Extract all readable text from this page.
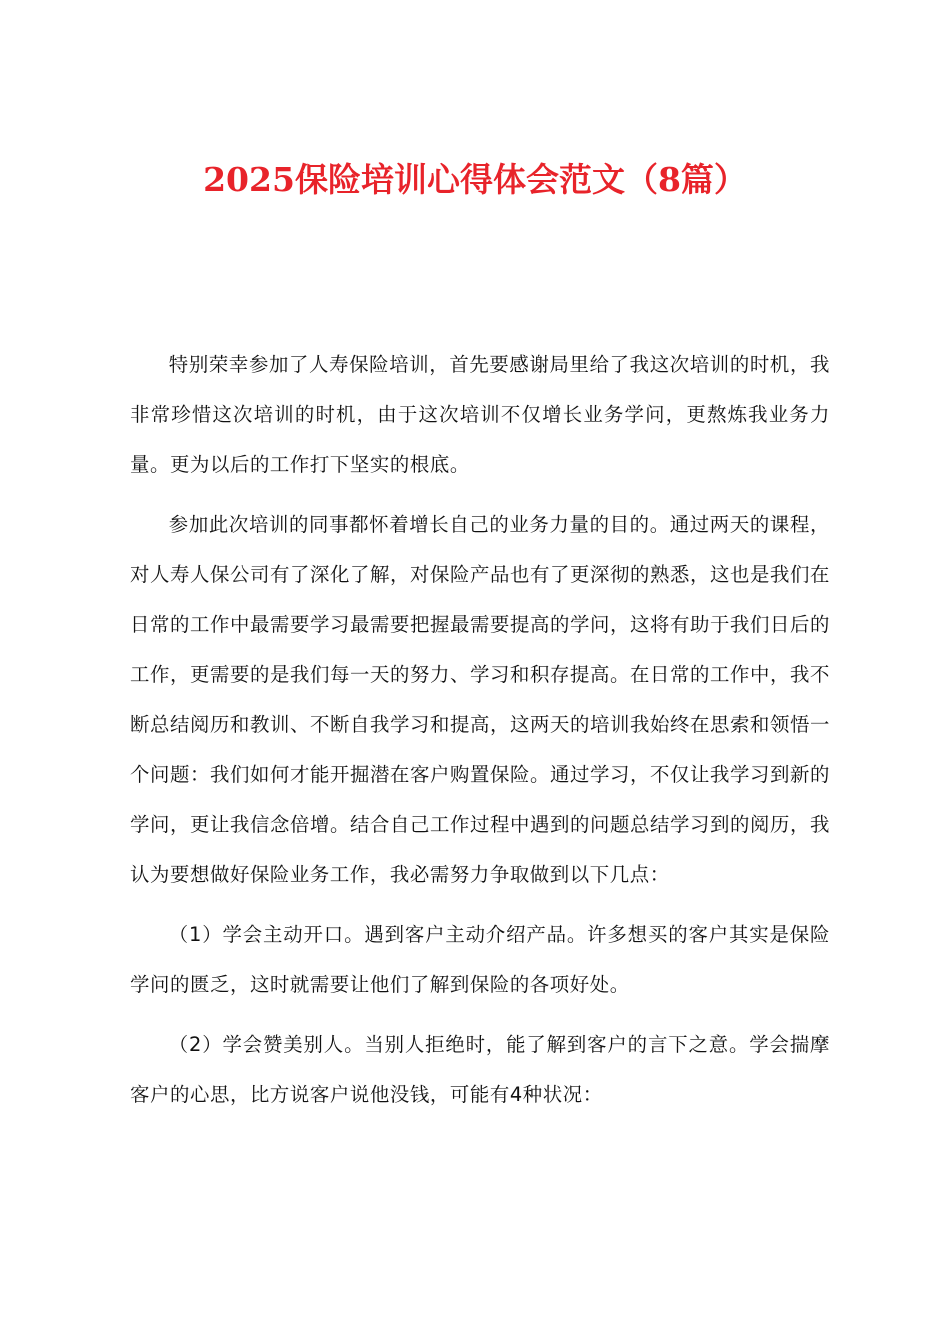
2025保险培训心得体会范文（8篇）

特别荣幸参加了人寿保险培训，首先要感谢局里给了我这次培训的时机，我非常珍惜这次培训的时机，由于这次培训不仅增长业务学问，更熬炼我业务力量。更为以后的工作打下坚实的根底。

参加此次培训的同事都怀着增长自己的业务力量的目的。通过两天的课程，对人寿人保公司有了深化了解，对保险产品也有了更深彻的熟悉，这也是我们在日常的工作中最需要学习最需要把握最需要提高的学问，这将有助于我们日后的工作，更需要的是我们每一天的努力、学习和积存提高。在日常的工作中，我不断总结阅历和教训、不断自我学习和提高，这两天的培训我始终在思索和领悟一个问题：我们如何才能开掘潜在客户购置保险。通过学习，不仅让我学习到新的学问，更让我信念倍增。结合自己工作过程中遇到的问题总结学习到的阅历，我认为要想做好保险业务工作，我必需努力争取做到以下几点：

（1）学会主动开口。遇到客户主动介绍产品。许多想买的客户其实是保险学问的匮乏，这时就需要让他们了解到保险的各项好处。

（2）学会赞美别人。当别人拒绝时，能了解到客户的言下之意。学会揣摩客户的心思，比方说客户说他没钱，可能有4种状况：
